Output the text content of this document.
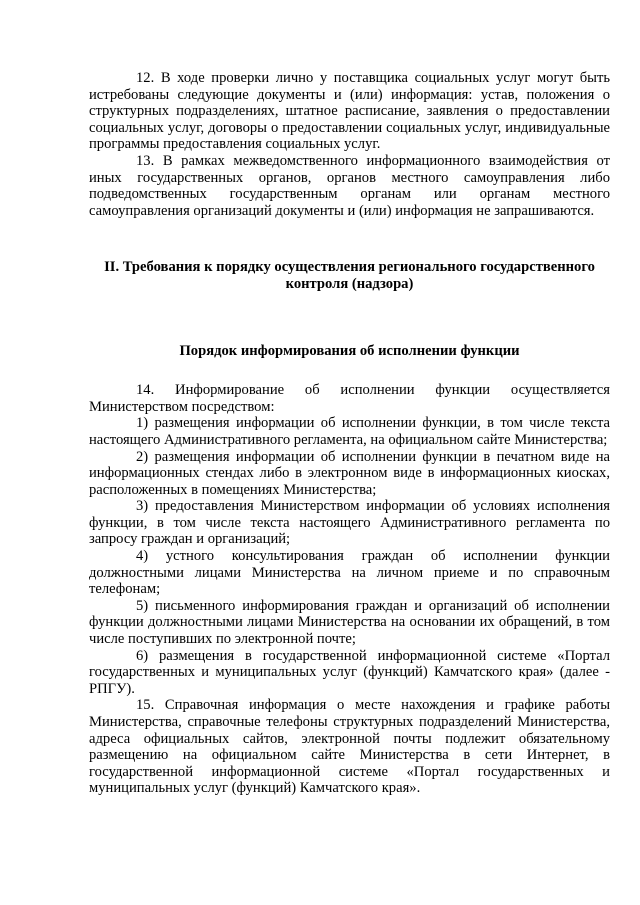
12. В ходе проверки лично у поставщика социальных услуг могут быть истребованы следующие документы и (или) информация: устав, положения о структурных подразделениях, штатное расписание, заявления о предоставлении социальных услуг, договоры о предоставлении социальных услуг, индивидуальные программы предоставления социальных услуг.

13. В рамках межведомственного информационного взаимодействия от иных государственных органов, органов местного самоуправления либо подведомственных государственным органам или органам местного самоуправления организаций документы и (или) информация не запрашиваются.

II. Требования к порядку осуществления регионального государственного контроля (надзора)

Порядок информирования об исполнении функции

14. Информирование об исполнении функции осуществляется Министерством посредством:

1) размещения информации об исполнении функции, в том числе текста настоящего Административного регламента, на официальном сайте Министерства;

2) размещения информации об исполнении функции в печатном виде на информационных стендах либо в электронном виде в информационных киосках, расположенных в помещениях Министерства;

3) предоставления Министерством информации об условиях исполнения функции, в том числе текста настоящего Административного регламента по запросу граждан и организаций;

4) устного консультирования граждан об исполнении функции должностными лицами Министерства на личном приеме и по справочным телефонам;

5) письменного информирования граждан и организаций об исполнении функции должностными лицами Министерства на основании их обращений, в том числе поступивших по электронной почте;

6) размещения в государственной информационной системе «Портал государственных и муниципальных услуг (функций) Камчатского края» (далее - РПГУ).

15. Справочная информация о месте нахождения и графике работы Министерства, справочные телефоны структурных подразделений Министерства, адреса официальных сайтов, электронной почты подлежит обязательному размещению на официальном сайте Министерства в сети Интернет, в государственной информационной системе «Портал государственных и муниципальных услуг (функций) Камчатского края».
